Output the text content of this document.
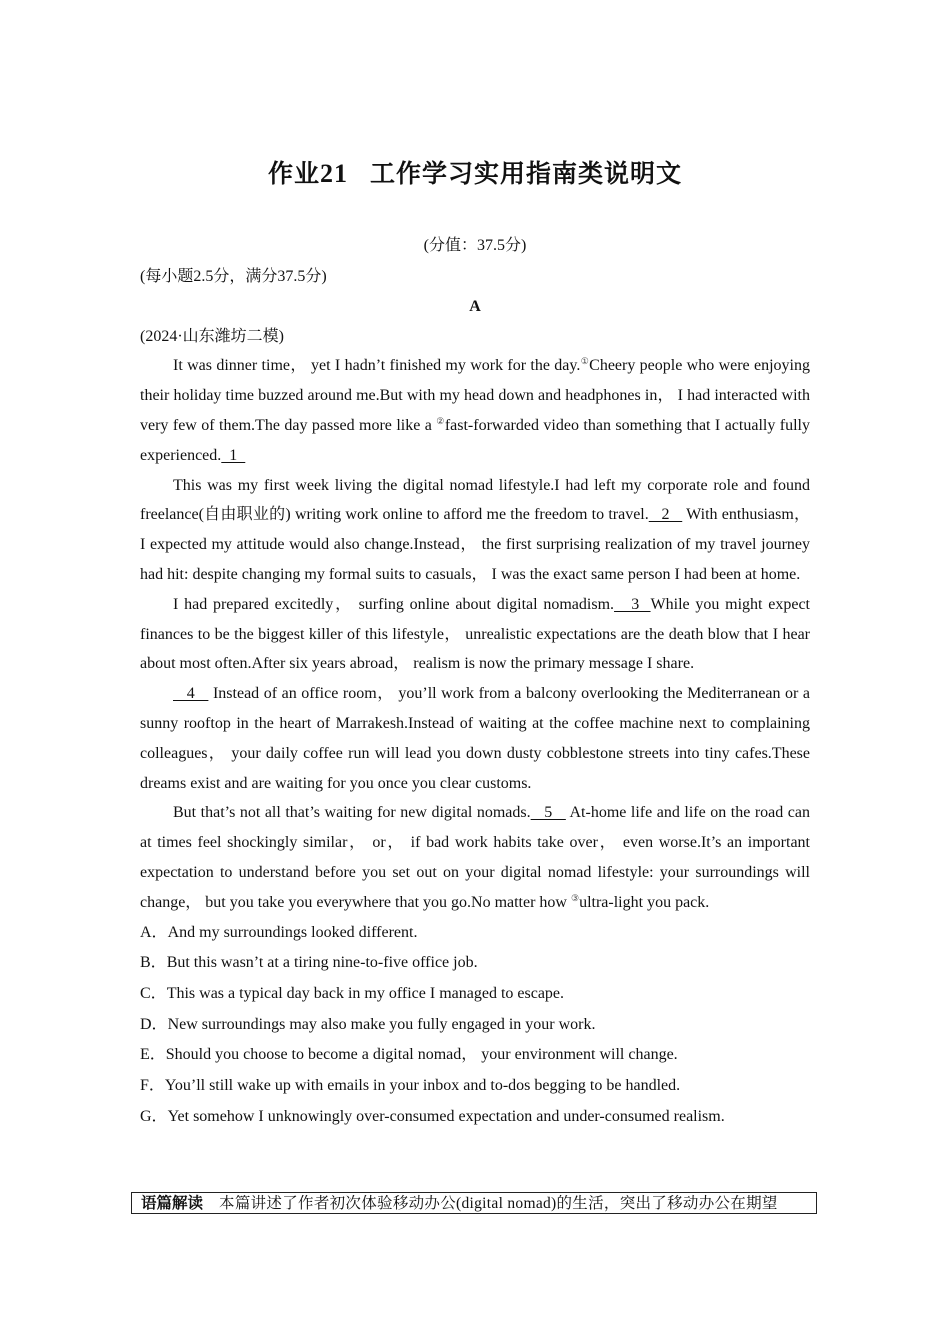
作业21 工作学习实用指南类说明文
(分值：37.5分)
(每小题2.5分，满分37.5分)
A
(2024·山东潍坊二模)

It was dinner time， yet I hadn’t finished my work for the day.①Cheery people who were enjoying their holiday time buzzed around me.But with my head down and headphones in， I had interacted with very few of them.The day passed more like a ②fast-forwarded video than something that I actually fully experienced.  1

This was my first week living the digital nomad lifestyle.I had left my corporate role and found freelance(自由职业的) writing work online to afford me the freedom to travel.   2    With enthusiasm， I expected my attitude would also change.Instead， the first surprising realization of my travel journey had hit: despite changing my formal suits to casuals， I was the exact same person I had been at home.

I had prepared excitedly， surfing online about digital nomadism.   3  While you might expect finances to be the biggest killer of this lifestyle， unrealistic expectations are the death blow that I hear about most often.After six years abroad， realism is now the primary message I share.

4    Instead of an office room， you’ll work from a balcony overlooking the Mediterranean or a sunny rooftop in the heart of Marrakesh.Instead of waiting at the coffee machine next to complaining colleagues， your daily coffee run will lead you down dusty cobblestone streets into tiny cafes.These dreams exist and are waiting for you once you clear customs.

But that’s not all that’s waiting for new digital nomads.   5    At-home life and life on the road can at times feel shockingly similar， or， if bad work habits take over， even worse.It’s an important expectation to understand before you set out on your digital nomad lifestyle: your surroundings will change， but you take you everywhere that you go.No matter how ③ultra-light you pack.

A．And my surroundings looked different.
B．But this wasn’t at a tiring nine-to-five office job.
C．This was a typical day back in my office I managed to escape.
D．New surroundings may also make you fully engaged in your work.
E．Should you choose to become a digital nomad， your environment will change.
F．You’ll still wake up with emails in your inbox and to-dos begging to be handled.
G．Yet somehow I unknowingly over-consumed expectation and under-consumed realism.
语篇解读 本篇讲述了作者初次体验移动办公(digital nomad)的生活，突出了移动办公在期望
